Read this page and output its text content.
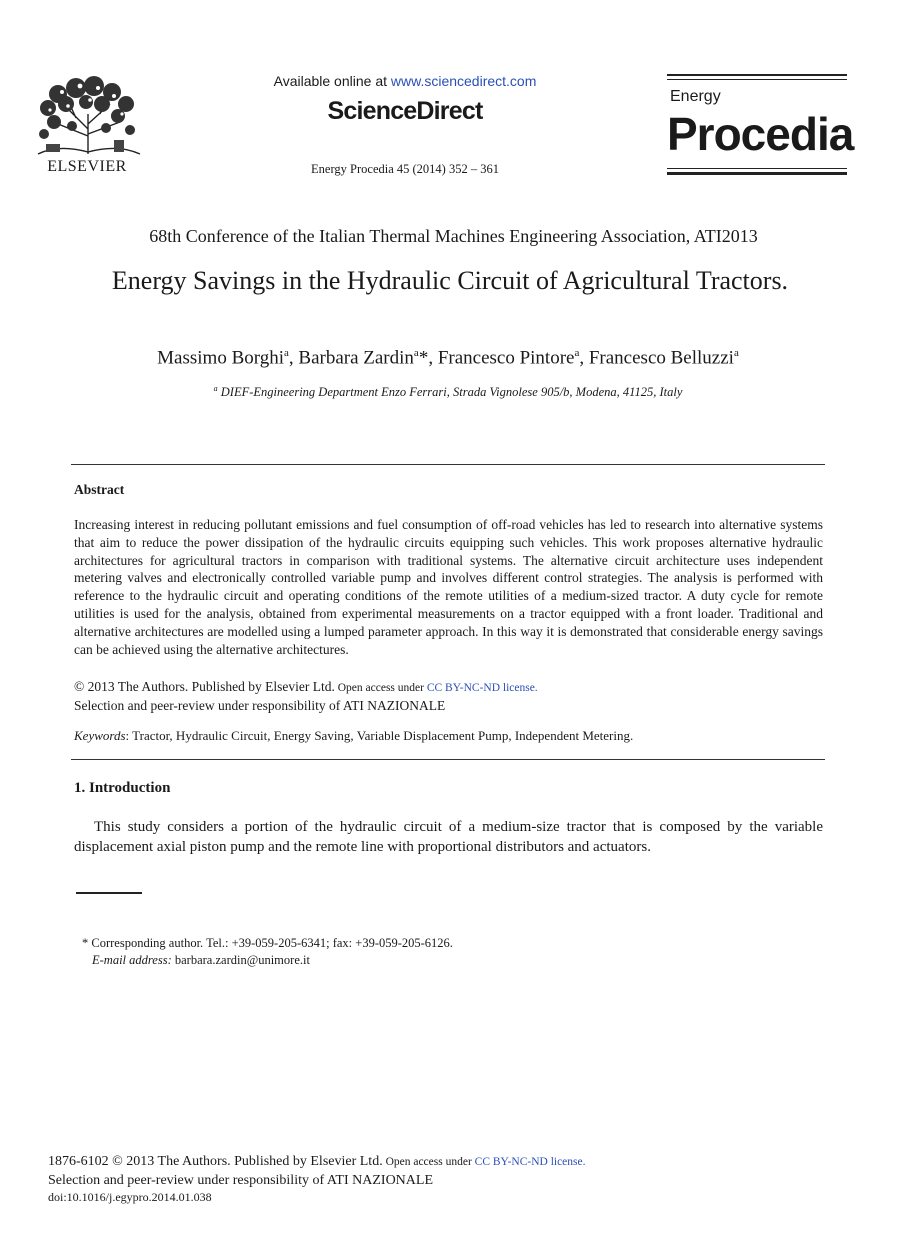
ELSEVIER
Available online at www.sciencedirect.com
ScienceDirect
Energy Procedia 45 (2014) 352 – 361
Energy
Procedia
68th Conference of the Italian Thermal Machines Engineering Association, ATI2013
Energy Savings in the Hydraulic Circuit of Agricultural Tractors.
Massimo Borghi$^a$, Barbara Zardin$^a$*, Francesco Pintore$^a$, Francesco Belluzzi$^a$
$^a$ DIEF-Engineering Department Enzo Ferrari, Strada Vignolese 905/b, Modena, 41125, Italy
Abstract
Increasing interest in reducing pollutant emissions and fuel consumption of off-road vehicles has led to research into alternative systems that aim to reduce the power dissipation of the hydraulic circuits equipping such vehicles. This work proposes alternative hydraulic architectures for agricultural tractors in comparison with traditional systems. The alternative circuit architecture uses independent metering valves and electronically controlled variable pump and involves different control strategies. The analysis is performed with reference to the hydraulic circuit and operating conditions of the remote utilities of a medium-sized tractor. A duty cycle for remote utilities is used for the analysis, obtained from experimental measurements on a tractor equipped with a front loader. Traditional and alternative architectures are modelled using a lumped parameter approach. In this way it is demonstrated that considerable energy savings can be achieved using the alternative architectures.
© 2013 The Authors. Published by Elsevier Ltd. Open access under CC BY-NC-ND license.
Selection and peer-review under responsibility of ATI NAZIONALE
Keywords: Tractor, Hydraulic Circuit, Energy Saving, Variable Displacement Pump, Independent Metering.
1. Introduction
This study considers a portion of the hydraulic circuit of a medium-size tractor that is composed by the variable displacement axial piston pump and the remote line with proportional distributors and actuators.
* Corresponding author. Tel.: +39-059-205-6341; fax: +39-059-205-6126.
E-mail address: barbara.zardin@unimore.it
1876-6102 © 2013 The Authors. Published by Elsevier Ltd. Open access under CC BY-NC-ND license.
Selection and peer-review under responsibility of ATI NAZIONALE
doi:10.1016/j.egypro.2014.01.038
